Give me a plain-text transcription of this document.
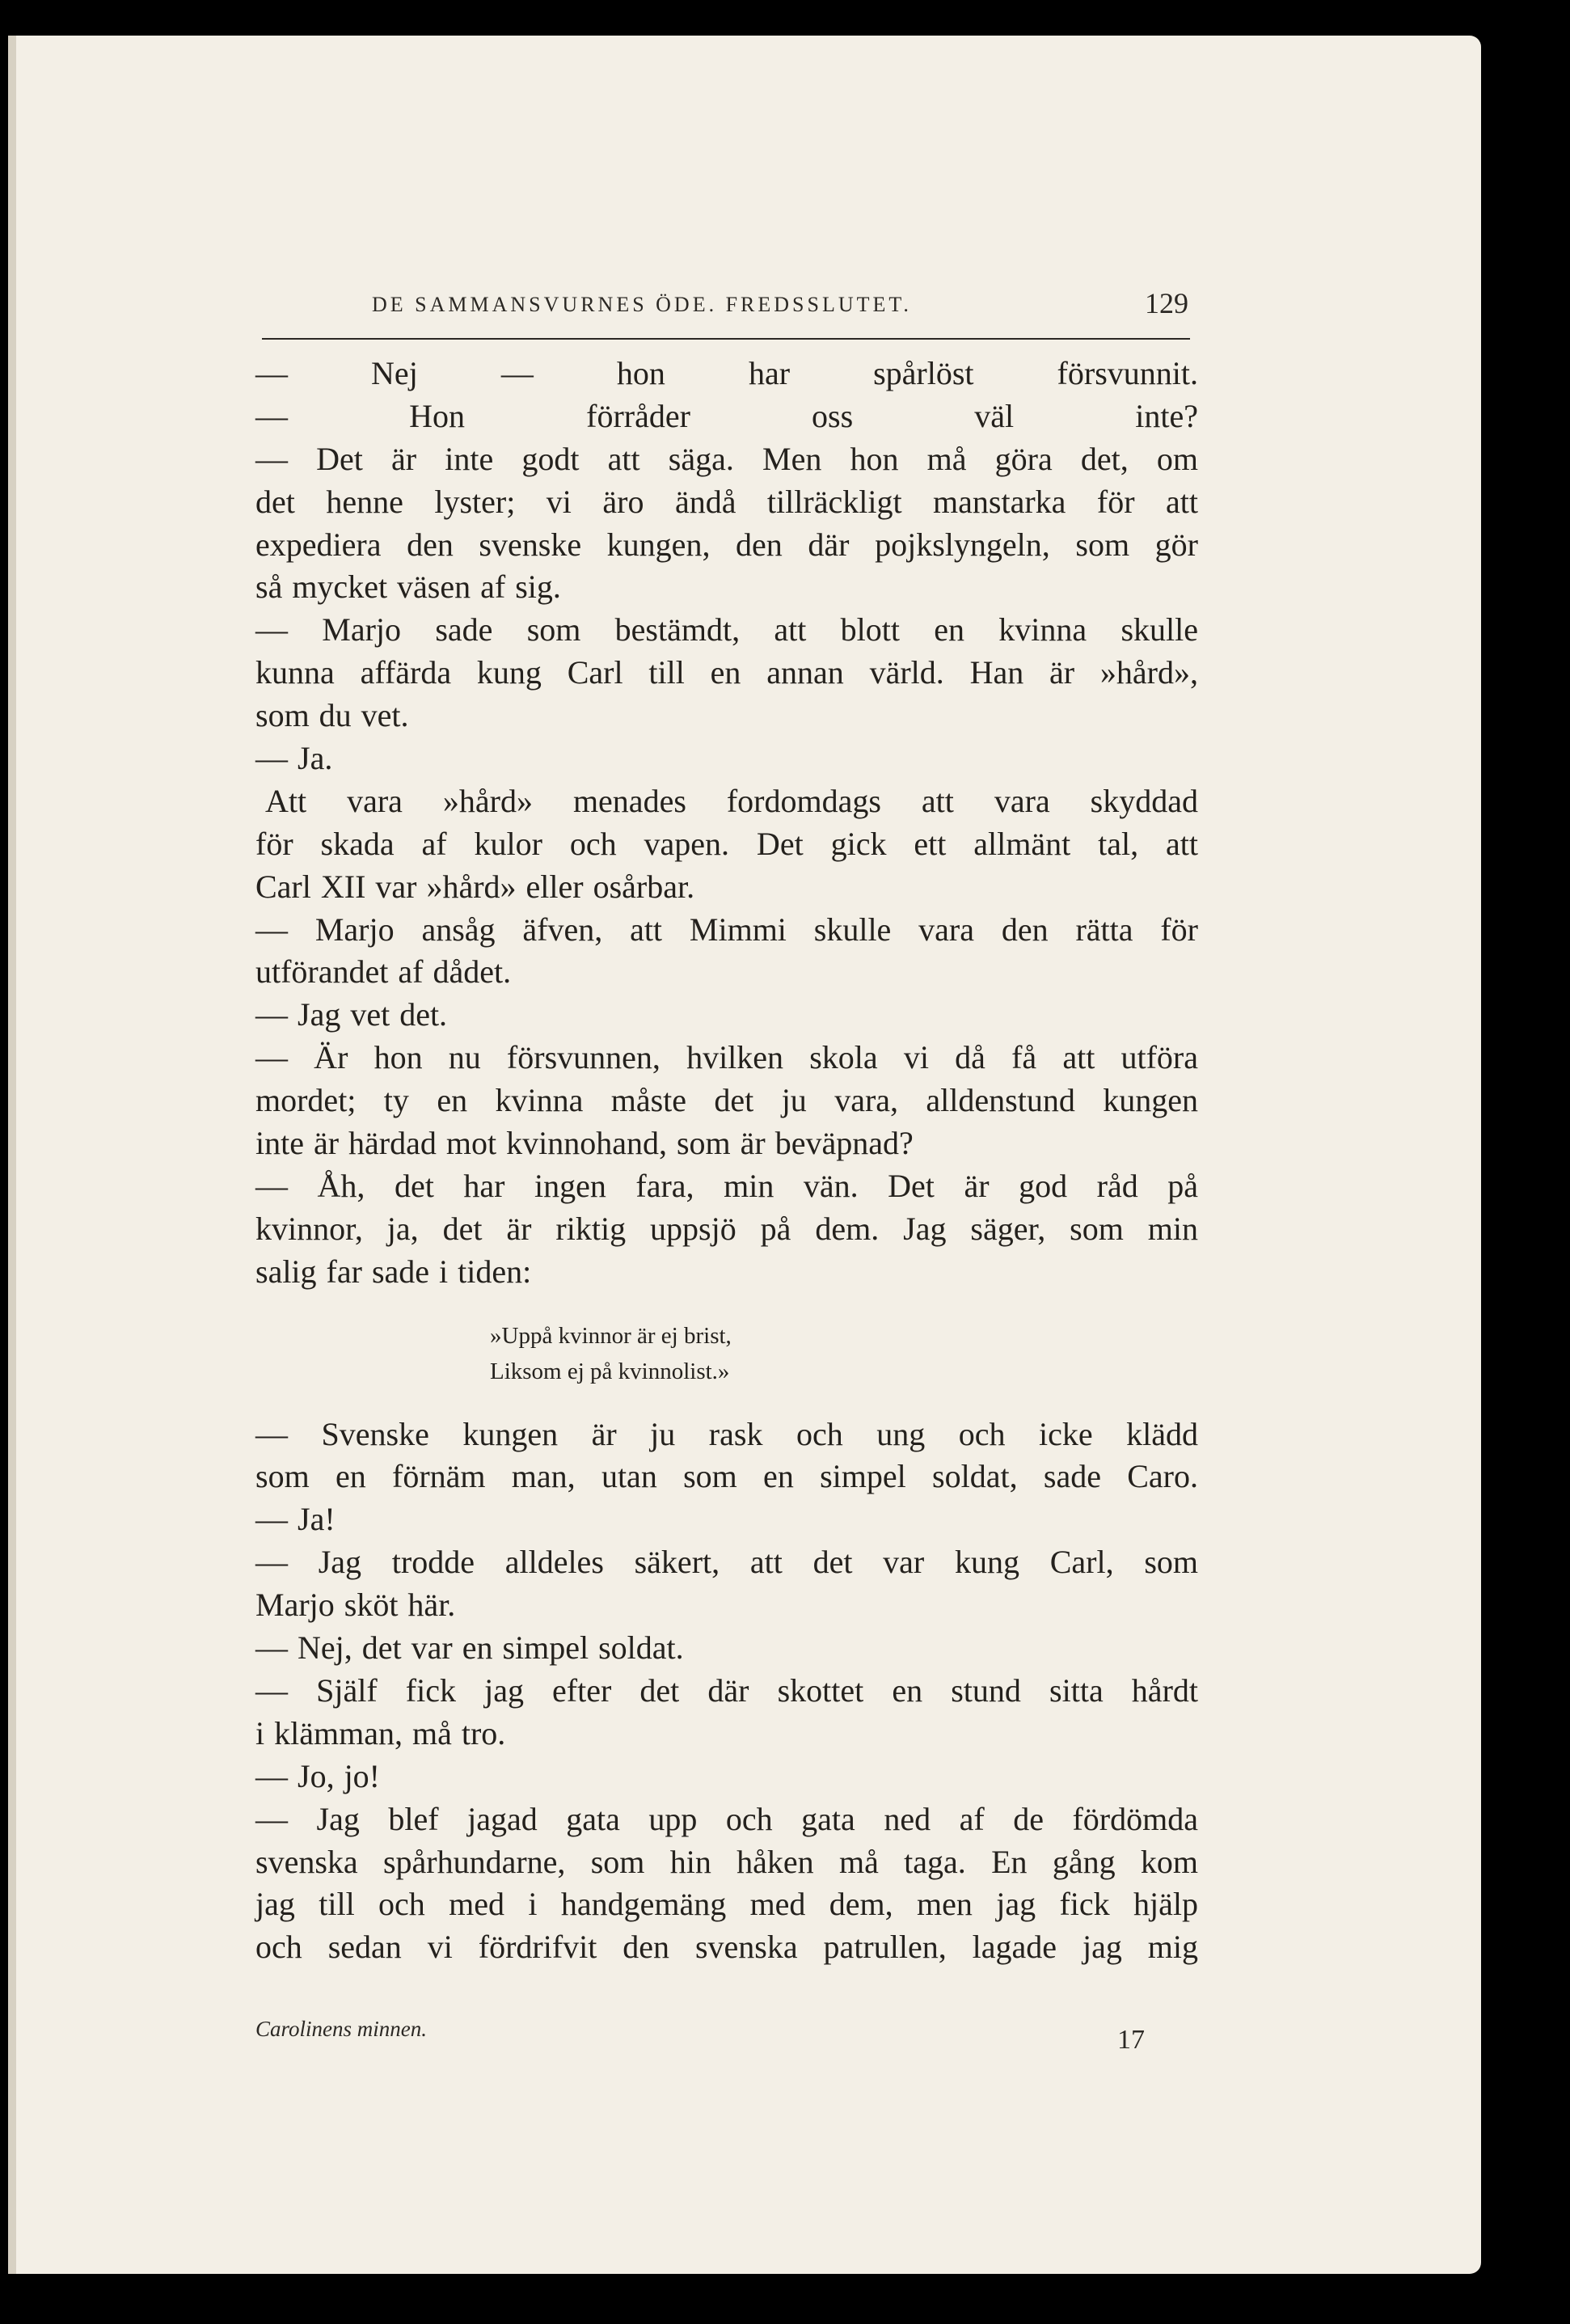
DE SAMMANSVURNES ÖDE. FREDSSLUTET.	129
— Nej — hon har spårlöst försvunnit.
— Hon förråder oss väl inte?
— Det är inte godt att säga. Men hon må göra det, om
det henne lyster; vi äro ändå tillräckligt manstarka för att
expediera den svenske kungen, den där pojkslyngeln, som gör
så mycket väsen af sig.
— Marjo sade som bestämdt, att blott en kvinna skulle
kunna affärda kung Carl till en annan värld. Han är »hård»,
som du vet.
— Ja.
Att vara »hård» menades fordomdags att vara skyddad
för skada af kulor och vapen. Det gick ett allmänt tal, att
Carl XII var »hård» eller osårbar.
— Marjo ansåg äfven, att Mimmi skulle vara den rätta för
utförandet af dådet.
— Jag vet det.
— Är hon nu försvunnen, hvilken skola vi då få att utföra
mordet; ty en kvinna måste det ju vara, alldenstund kungen
inte är härdad mot kvinnohand, som är beväpnad?
— Åh, det har ingen fara, min vän. Det är god råd på
kvinnor, ja, det är riktig uppsjö på dem. Jag säger, som min
salig far sade i tiden:
»Uppå kvinnor är ej brist,
Liksom ej på kvinnolist.»
— Svenske kungen är ju rask och ung och icke klädd
som en förnäm man, utan som en simpel soldat, sade Caro.
— Ja!
— Jag trodde alldeles säkert, att det var kung Carl, som
Marjo sköt här.
— Nej, det var en simpel soldat.
— Själf fick jag efter det där skottet en stund sitta hårdt
i klämman, må tro.
— Jo, jo!
— Jag blef jagad gata upp och gata ned af de fördömda
svenska spårhundarne, som hin håken må taga. En gång kom
jag till och med i handgemäng med dem, men jag fick hjälp
och sedan vi fördrifvit den svenska patrullen, lagade jag mig
Carolinens minnen.	17
